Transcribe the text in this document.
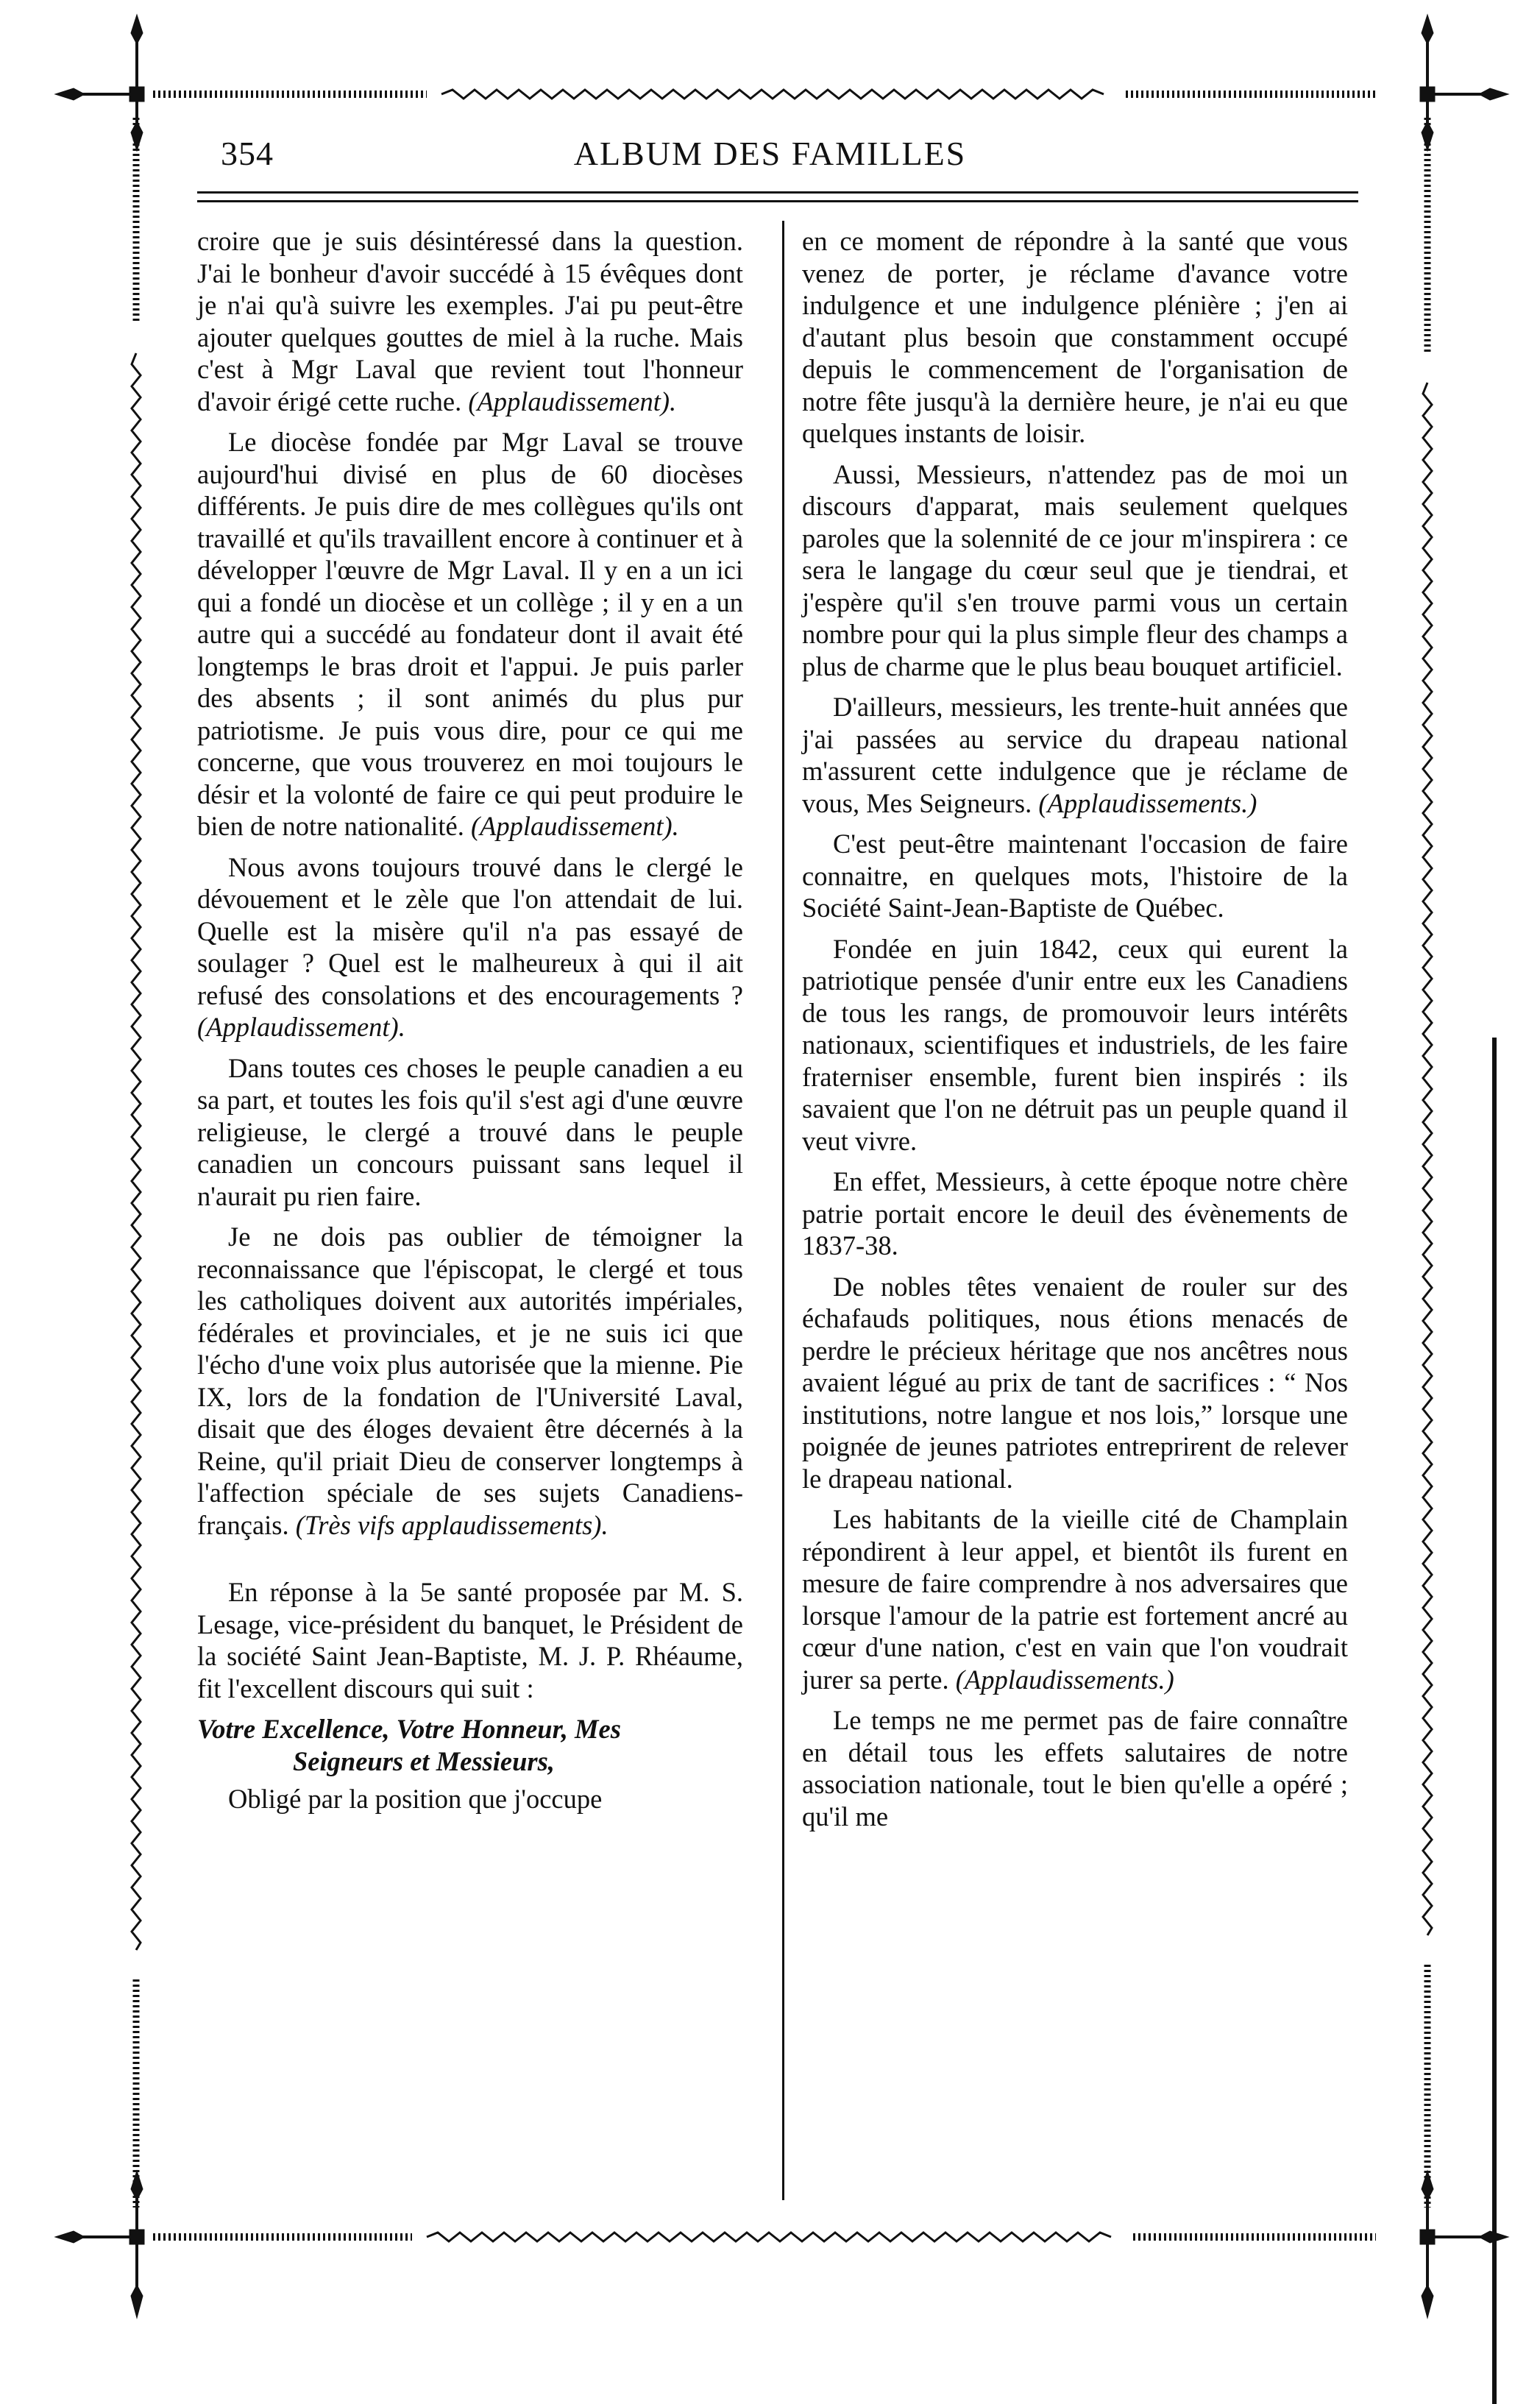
354	ALBUM DES FAMILLES

croire que je suis désintéressé dans la question. J'ai le bonheur d'avoir succédé à 15 évêques dont je n'ai qu'à suivre les exemples. J'ai pu peut-être ajouter quelques gouttes de miel à la ruche. Mais c'est à Mgr Laval que revient tout l'honneur d'avoir érigé cette ruche. (Applaudissement).

Le diocèse fondée par Mgr Laval se trouve aujourd'hui divisé en plus de 60 diocèses différents. Je puis dire de mes collègues qu'ils ont travaillé et qu'ils travaillent encore à continuer et à développer l'œuvre de Mgr Laval. Il y en a un ici qui a fondé un diocèse et un collège ; il y en a un autre qui a succédé au fondateur dont il avait été longtemps le bras droit et l'appui. Je puis parler des absents ; il sont animés du plus pur patriotisme. Je puis vous dire, pour ce qui me concerne, que vous trouverez en moi toujours le désir et la volonté de faire ce qui peut produire le bien de notre nationalité. (Applaudissement).

Nous avons toujours trouvé dans le clergé le dévouement et le zèle que l'on attendait de lui. Quelle est la misère qu'il n'a pas essayé de soulager ? Quel est le malheureux à qui il ait refusé des consolations et des encouragements ? (Applaudissement).

Dans toutes ces choses le peuple canadien a eu sa part, et toutes les fois qu'il s'est agi d'une œuvre religieuse, le clergé a trouvé dans le peuple canadien un concours puissant sans lequel il n'aurait pu rien faire.

Je ne dois pas oublier de témoigner la reconnaissance que l'épiscopat, le clergé et tous les catholiques doivent aux autorités impériales, fédérales et provinciales, et je ne suis ici que l'écho d'une voix plus autorisée que la mienne. Pie IX, lors de la fondation de l'Université Laval, disait que des éloges devaient être décernés à la Reine, qu'il priait Dieu de conserver longtemps à l'affection spéciale de ses sujets Canadiens-français. (Très vifs applaudissements).

En réponse à la 5e santé proposée par M. S. Lesage, vice-président du banquet, le Président de la société Saint Jean-Baptiste, M. J. P. Rhéaume, fit l'excellent discours qui suit :

Votre Excellence, Votre Honneur, Mes
Seigneurs et Messieurs,

Obligé par la position que j'occupe

en ce moment de répondre à la santé que vous venez de porter, je réclame d'avance votre indulgence et une indulgence plénière ; j'en ai d'autant plus besoin que constamment occupé depuis le commencement de l'organisation de notre fête jusqu'à la dernière heure, je n'ai eu que quelques instants de loisir.

Aussi, Messieurs, n'attendez pas de moi un discours d'apparat, mais seulement quelques paroles que la solennité de ce jour m'inspirera : ce sera le langage du cœur seul que je tiendrai, et j'espère qu'il s'en trouve parmi vous un certain nombre pour qui la plus simple fleur des champs a plus de charme que le plus beau bouquet artificiel.

D'ailleurs, messieurs, les trente-huit années que j'ai passées au service du drapeau national m'assurent cette indulgence que je réclame de vous, Mes Seigneurs. (Applaudissements.)

C'est peut-être maintenant l'occasion de faire connaitre, en quelques mots, l'histoire de la Société Saint-Jean-Baptiste de Québec.

Fondée en juin 1842, ceux qui eurent la patriotique pensée d'unir entre eux les Canadiens de tous les rangs, de promouvoir leurs intérêts nationaux, scientifiques et industriels, de les faire fraterniser ensemble, furent bien inspirés : ils savaient que l'on ne détruit pas un peuple quand il veut vivre.

En effet, Messieurs, à cette époque notre chère patrie portait encore le deuil des évènements de 1837-38.

De nobles têtes venaient de rouler sur des échafauds politiques, nous étions menacés de perdre le précieux héritage que nos ancêtres nous avaient légué au prix de tant de sacrifices : “ Nos institutions, notre langue et nos lois,” lorsque une poignée de jeunes patriotes entreprirent de relever le drapeau national.

Les habitants de la vieille cité de Champlain répondirent à leur appel, et bientôt ils furent en mesure de faire comprendre à nos adversaires que lorsque l'amour de la patrie est fortement ancré au cœur d'une nation, c'est en vain que l'on voudrait jurer sa perte. (Applaudissements.)

Le temps ne me permet pas de faire connaître en détail tous les effets salutaires de notre association nationale, tout le bien qu'elle a opéré ; qu'il me
